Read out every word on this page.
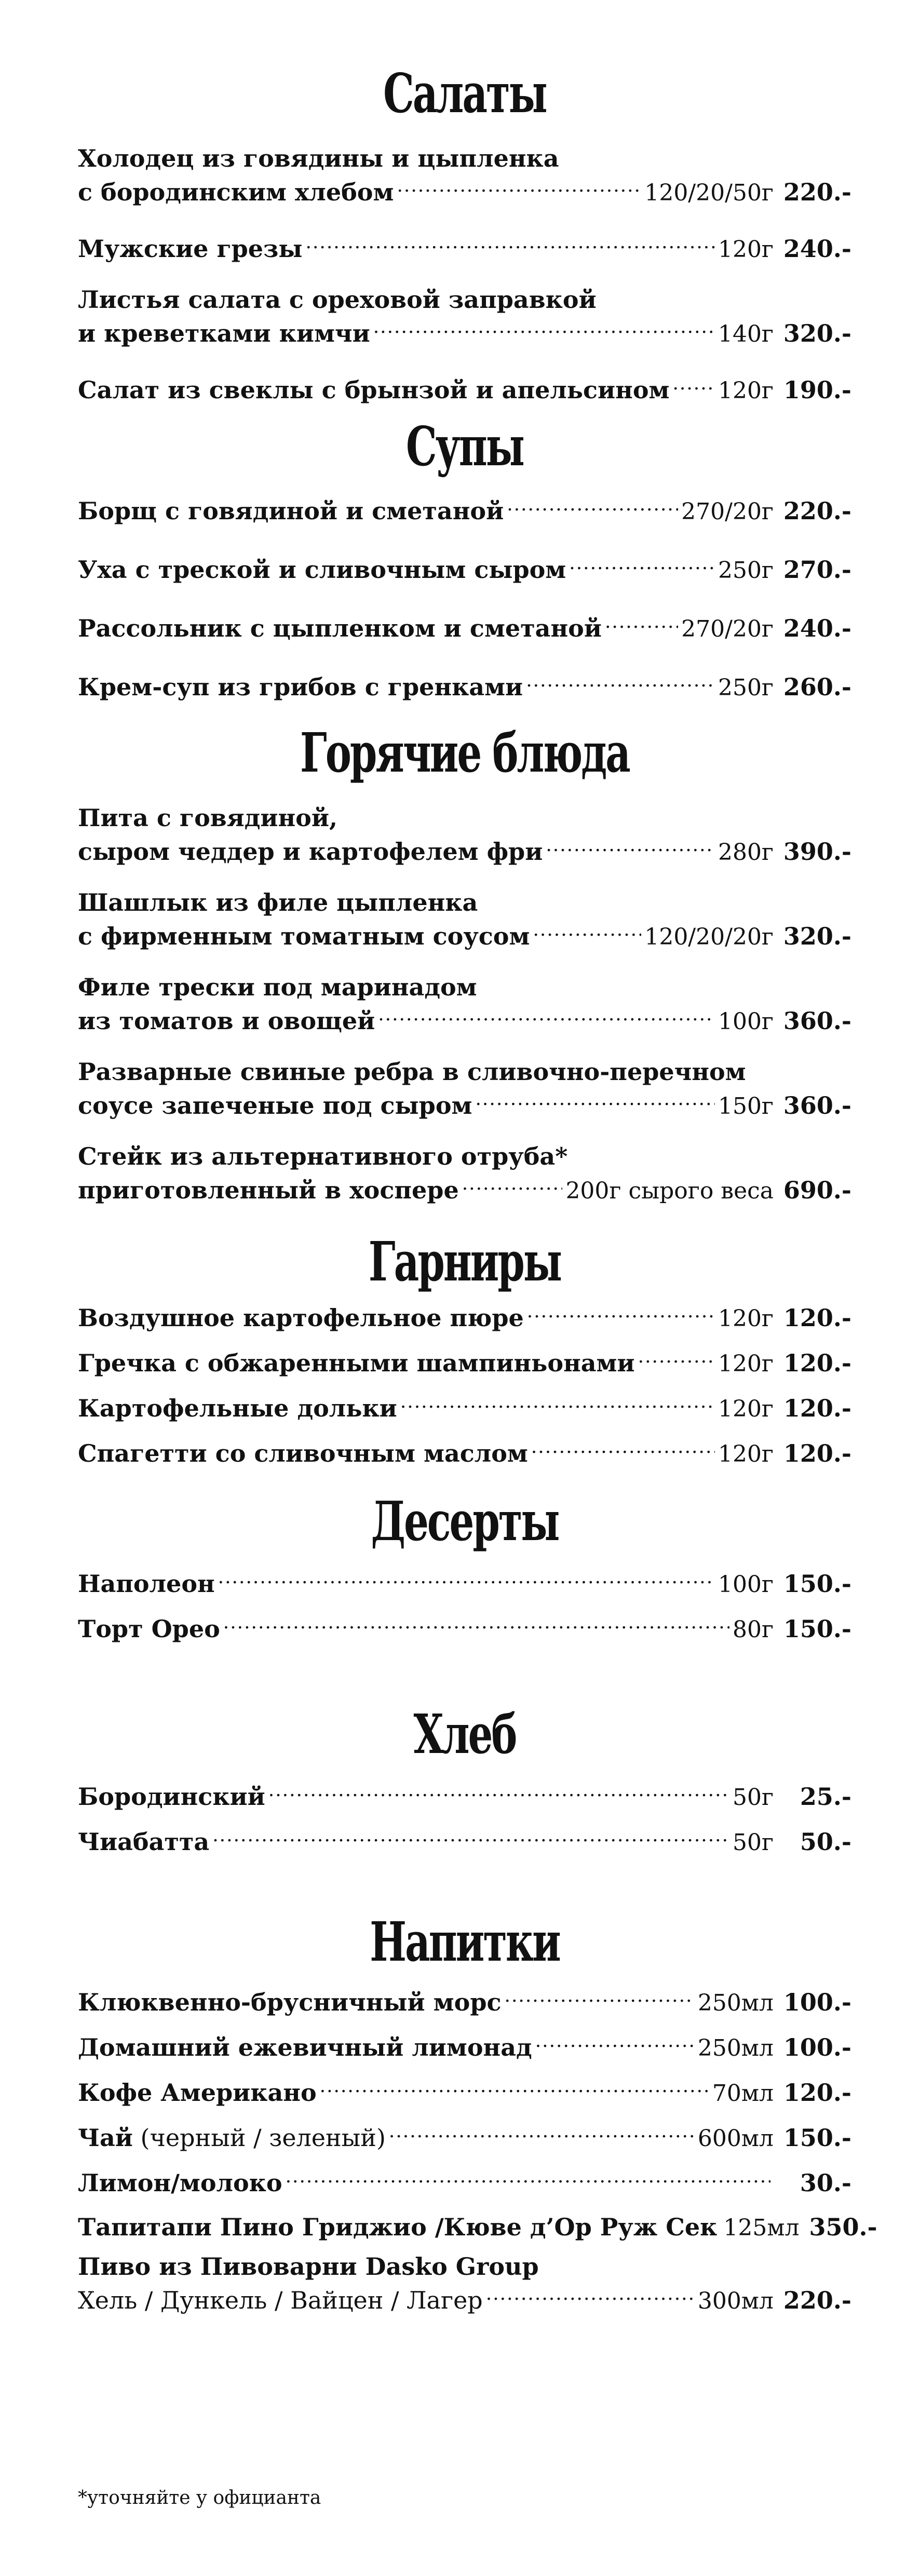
Салаты
Холодец из говядины и цыпленка
с бородинским хлебом .....	120/20/50г 220.-
Мужские грезы .....	120г 240.-
Листья салата с ореховой заправкой
и креветками кимчи .....	140г 320.-
Салат из свеклы с брынзой и апельсином ..... 120г 190.-
Супы
Борщ с говядиной и сметаной .....	270/20г 220.-
Уха с треской и сливочным сыром .....	250г 270.-
Рассольник с цыпленком и сметаной .....	270/20г 240.-
Крем-суп из грибов с гренками .....	250г 260.-
Горячие блюда
Пита с говядиной,
сыром чеддер и картофелем фри .....	280г 390.-
Шашлык из филе цыпленка
с фирменным томатным соусом .....	120/20/20г 320.-
Филе трески под маринадом
из томатов и овощей .....	100г 360.-
Разварные свиные ребра в сливочно-перечном
соусе запеченые под сыром .....	150г 360.-
Стейк из альтернативного отруба*
приготовленный в хоспере .....	200г сырого веса 690.-
Гарниры
Воздушное картофельное пюре .....	120г 120.-
Гречка с обжаренными шампиньонами .....	120г 120.-
Картофельные дольки .....	120г 120.-
Спагетти со сливочным маслом .....	120г 120.-
Десерты
Наполеон .....	100г 150.-
Торт Орео .....	80г 150.-
Хлеб
Бородинский .....	50г	25.-
Чиабатта .....	50г	50.-
Напитки
Клюквенно-брусничный морс .....	250мл 100.-
Домашний ежевичный лимонад .....	250мл 100.-
Кофе Американо .....	70мл 120.-
Чай (черный / зеленый) .....	600мл 150.-
Лимон/молоко .....	30.-
Тапитапи Пино Гриджио /Кюве д’Ор Руж Сек 125мл 350.-
Пиво из Пивоварни Dasko Group
Хель / Дункель / Вайцен / Лагер .....	300мл 220.-
*уточняйте у официанта
